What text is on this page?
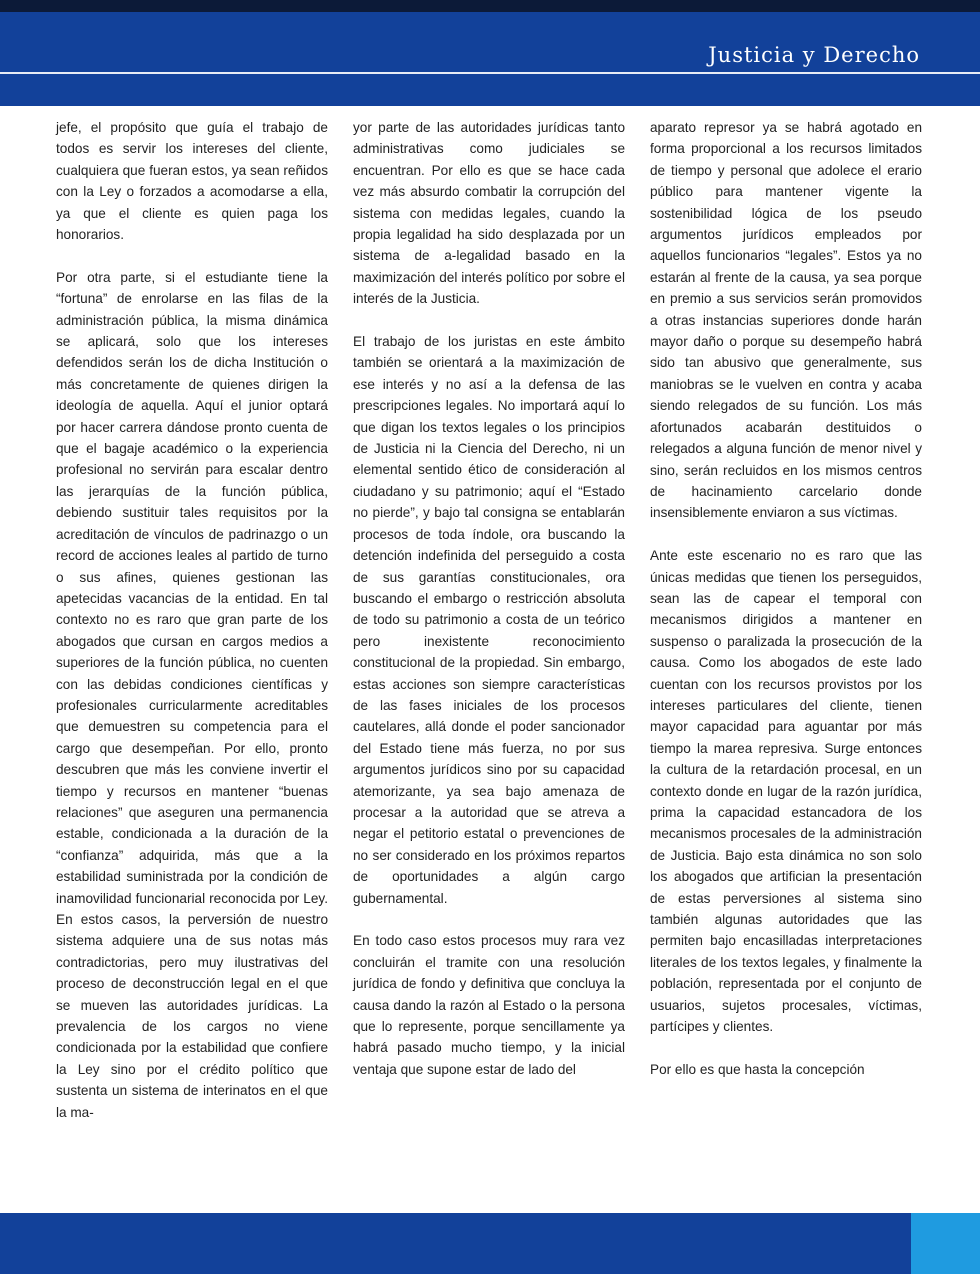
Justicia y Derecho

jefe, el propósito que guía el trabajo de todos es servir los intereses del cliente, cualquiera que fueran estos, ya sean reñidos con la Ley o forzados a acomodarse a ella, ya que el cliente es quien paga los honorarios.

Por otra parte, si el estudiante tiene la “fortuna” de enrolarse en las filas de la administración pública, la misma dinámica se aplicará, solo que los intereses defendidos serán los de dicha Institución o más concretamente de quienes dirigen la ideología de aquella. Aquí el junior optará por hacer carrera dándose pronto cuenta de que el bagaje académico o la experiencia profesional no servirán para escalar dentro las jerarquías de la función pública, debiendo sustituir tales requisitos por la acreditación de vínculos de padrinazgo o un record de acciones leales al partido de turno o sus afines, quienes gestionan las apetecidas vacancias de la entidad. En tal contexto no es raro que gran parte de los abogados que cursan en cargos medios a superiores de la función pública, no cuenten con las debidas condiciones científicas y profesionales curricularmente acreditables que demuestren su competencia para el cargo que desempeñan. Por ello, pronto descubren que más les conviene invertir el tiempo y recursos en mantener “buenas relaciones” que aseguren una permanencia estable, condicionada a la duración de la “confianza” adquirida, más que a la estabilidad suministrada por la condición de inamovilidad funcionarial reconocida por Ley. En estos casos, la perversión de nuestro sistema adquiere una de sus notas más contradictorias, pero muy ilustrativas del proceso de deconstrucción legal en el que se mueven las autoridades jurídicas. La prevalencia de los cargos no viene condicionada por la estabilidad que confiere la Ley sino por el crédito político que sustenta un sistema de interinatos en el que la ma-

yor parte de las autoridades jurídicas tanto administrativas como judiciales se encuentran. Por ello es que se hace cada vez más absurdo combatir la corrupción del sistema con medidas legales, cuando la propia legalidad ha sido desplazada por un sistema de a-legalidad basado en la maximización del interés político por sobre el interés de la Justicia.

El trabajo de los juristas en este ámbito también se orientará a la maximización de ese interés y no así a la defensa de las prescripciones legales. No importará aquí lo que digan los textos legales o los principios de Justicia ni la Ciencia del Derecho, ni un elemental sentido ético de consideración al ciudadano y su patrimonio; aquí el “Estado no pierde”, y bajo tal consigna se entablarán procesos de toda índole, ora buscando la detención indefinida del perseguido a costa de sus garantías constitucionales, ora buscando el embargo o restricción absoluta de todo su patrimonio a costa de un teórico pero inexistente reconocimiento constitucional de la propiedad. Sin embargo, estas acciones son siempre características de las fases iniciales de los procesos cautelares, allá donde el poder sancionador del Estado tiene más fuerza, no por sus argumentos jurídicos sino por su capacidad atemorizante, ya sea bajo amenaza de procesar a la autoridad que se atreva a negar el petitorio estatal o prevenciones de no ser considerado en los próximos repartos de oportunidades a algún cargo gubernamental.

En todo caso estos procesos muy rara vez concluirán el tramite con una resolución jurídica de fondo y definitiva que concluya la causa dando la razón al Estado o la persona que lo represente, porque sencillamente ya habrá pasado mucho tiempo, y la inicial ventaja que supone estar de lado del

aparato represor ya se habrá agotado en forma proporcional a los recursos limitados de tiempo y personal que adolece el erario público para mantener vigente la sostenibilidad lógica de los pseudo argumentos jurídicos empleados por aquellos funcionarios “legales”. Estos ya no estarán al frente de la causa, ya sea porque en premio a sus servicios serán promovidos a otras instancias superiores donde harán mayor daño o porque su desempeño habrá sido tan abusivo que generalmente, sus maniobras se le vuelven en contra y acaba siendo relegados de su función. Los más afortunados acabarán destituidos o relegados a alguna función de menor nivel y sino, serán recluidos en los mismos centros de hacinamiento carcelario donde insensiblemente enviaron a sus víctimas.

Ante este escenario no es raro que las únicas medidas que tienen los perseguidos, sean las de capear el temporal con mecanismos dirigidos a mantener en suspenso o paralizada la prosecución de la causa. Como los abogados de este lado cuentan con los recursos provistos por los intereses particulares del cliente, tienen mayor capacidad para aguantar por más tiempo la marea represiva. Surge entonces la cultura de la retardación procesal, en un contexto donde en lugar de la razón jurídica, prima la capacidad estancadora de los mecanismos procesales de la administración de Justicia. Bajo esta dinámica no son solo los abogados que artifician la presentación de estas perversiones al sistema sino también algunas autoridades que las permiten bajo encasilladas interpretaciones literales de los textos legales, y finalmente la población, representada por el conjunto de usuarios, sujetos procesales, víctimas, partícipes y clientes.

Por ello es que hasta la concepción
